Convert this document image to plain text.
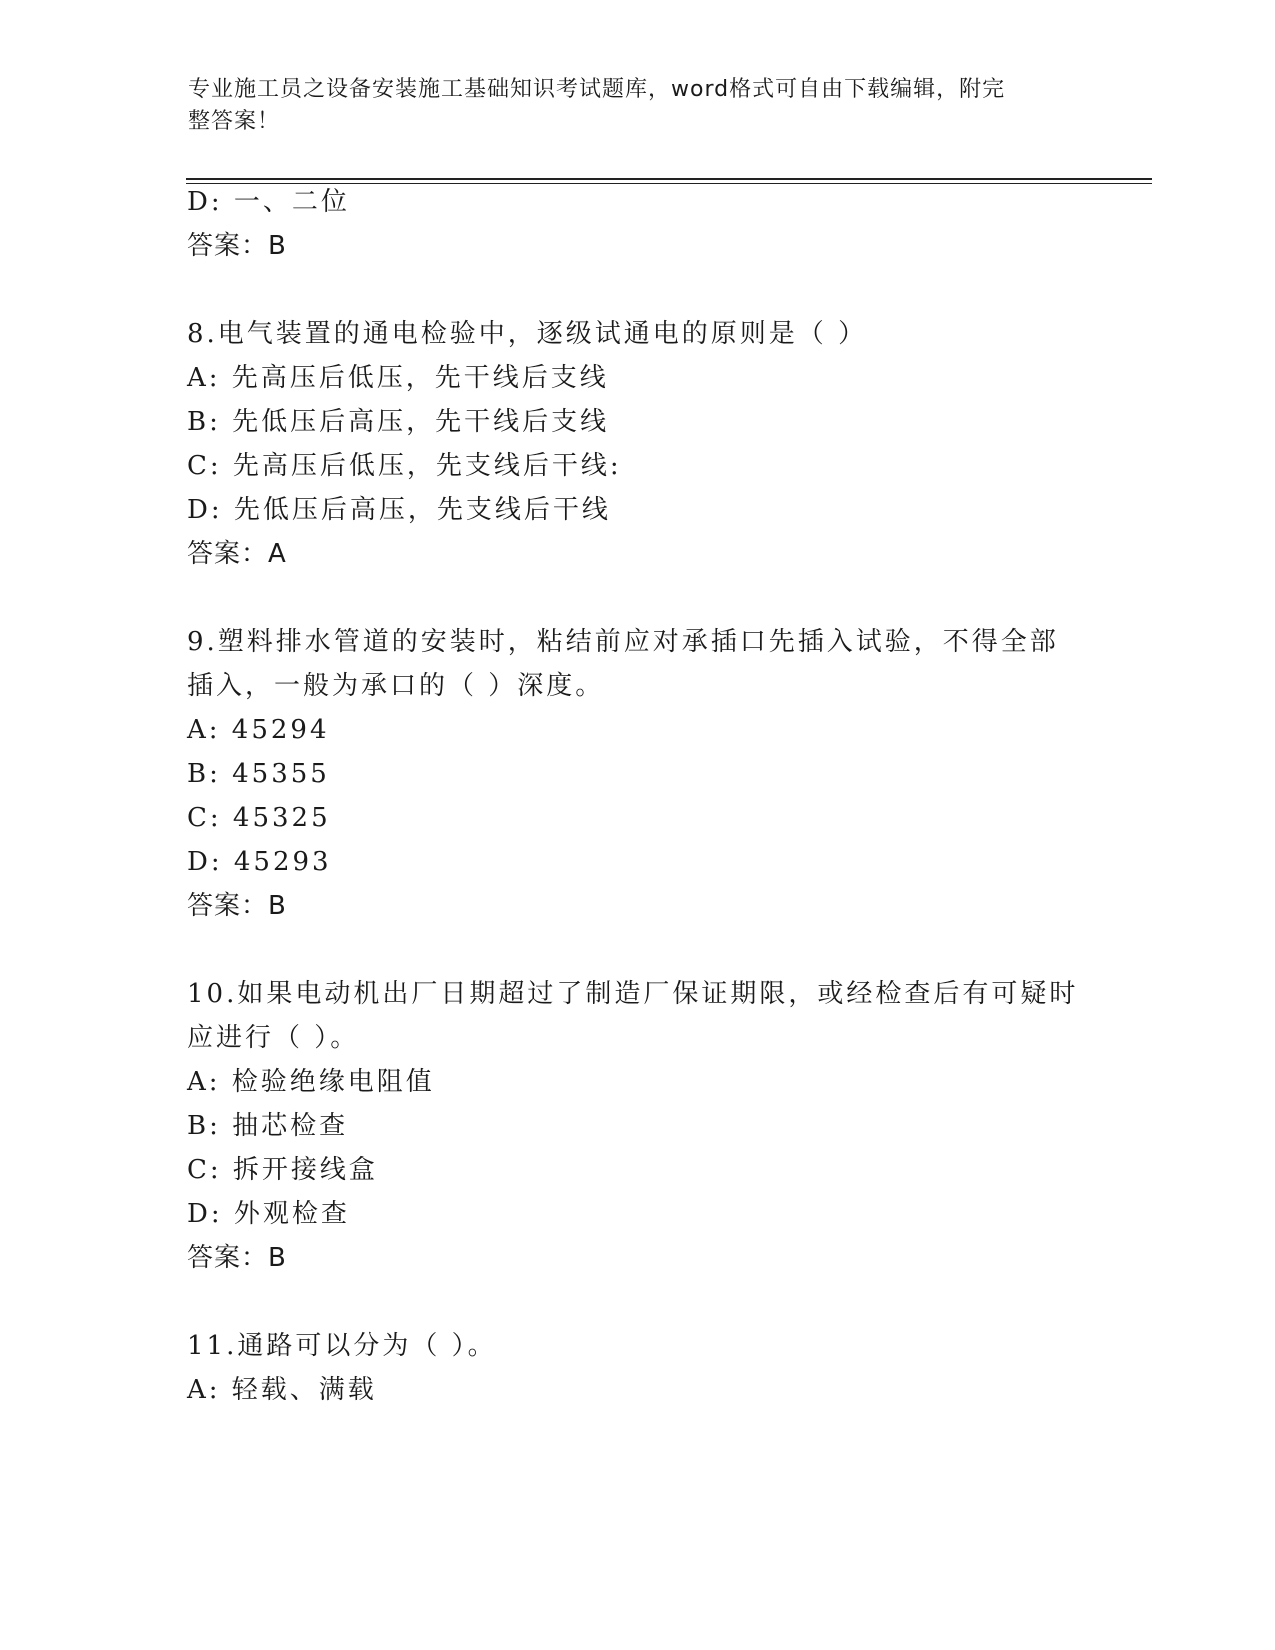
专业施工员之设备安装施工基础知识考试题库，word格式可自由下载编辑，附完
整答案！
D: 一、二位
答案：B
8.电气装置的通电检验中，逐级试通电的原则是（ ）
A: 先高压后低压，先干线后支线
B: 先低压后高压，先干线后支线
C: 先高压后低压，先支线后干线:
D: 先低压后高压，先支线后干线
答案：A
9.塑料排水管道的安装时，粘结前应对承插口先插入试验，不得全部
插入，一般为承口的（ ）深度。
A: 45294
B: 45355
C: 45325
D: 45293
答案：B
10.如果电动机出厂日期超过了制造厂保证期限，或经检查后有可疑时
应进行（ ）。
A: 检验绝缘电阻值
B: 抽芯检查
C: 拆开接线盒
D: 外观检查
答案：B
11.通路可以分为（ ）。
A: 轻载、满载
